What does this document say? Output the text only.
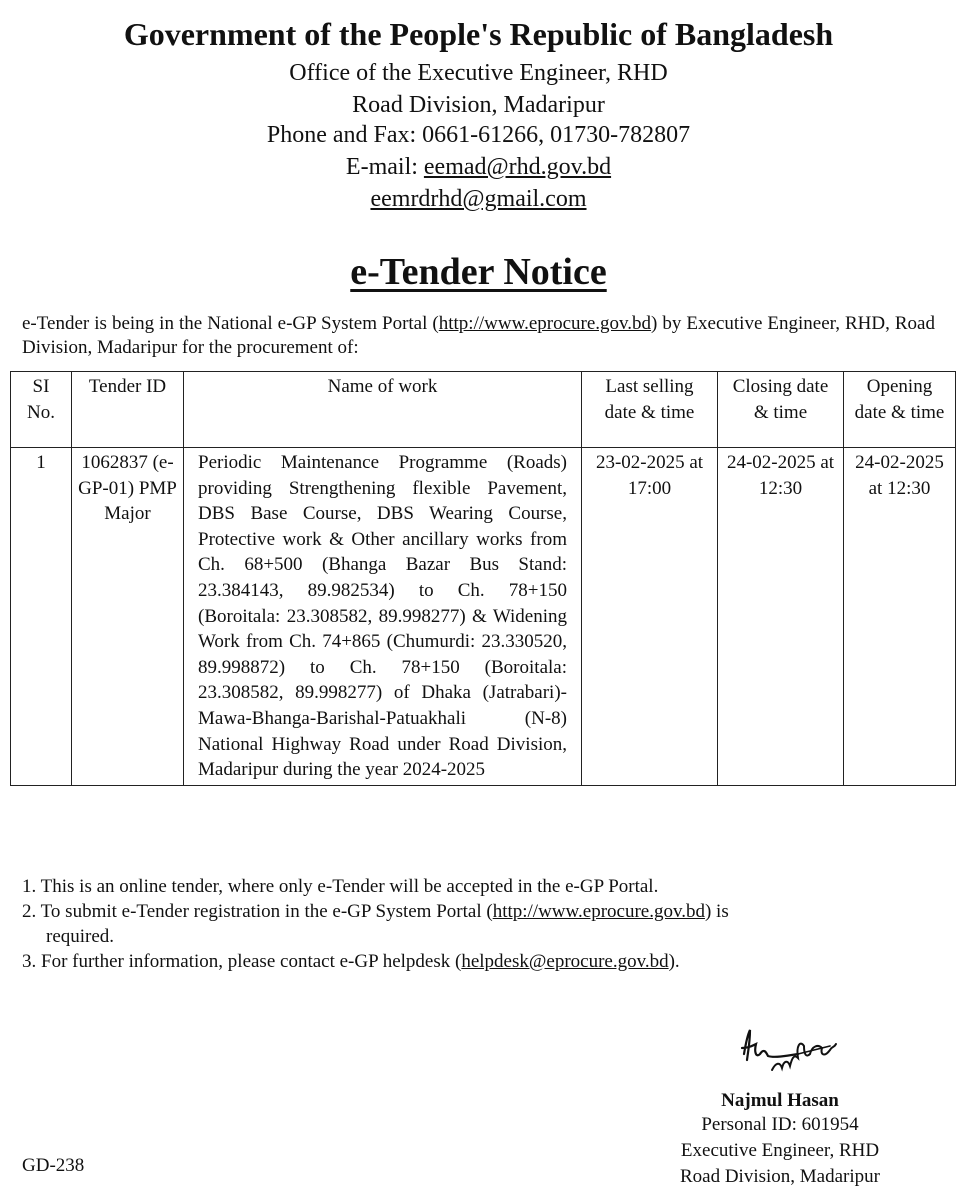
Government of the People's Republic of Bangladesh
Office of the Executive Engineer, RHD
Road Division, Madaripur
Phone and Fax: 0661-61266, 01730-782807
E-mail: eemad@rhd.gov.bd
eemrdrhd@gmail.com
e-Tender Notice
e-Tender is being in the National e-GP System Portal (http://www.eprocure.gov.bd) by Executive Engineer, RHD, Road Division, Madaripur for the procurement of:
SI No.	Tender ID	Name of work	Last selling date & time	Closing date & time	Opening date & time
1	1062837 (e-GP-01) PMP Major	Periodic Maintenance Programme (Roads) providing Strengthening flexible Pavement, DBS Base Course, DBS Wearing Course, Protective work & Other ancillary works from Ch. 68+500 (Bhanga Bazar Bus Stand: 23.384143, 89.982534) to Ch. 78+150 (Boroitala: 23.308582, 89.998277) & Widening Work from Ch. 74+865 (Chumurdi: 23.330520, 89.998872) to Ch. 78+150 (Boroitala: 23.308582, 89.998277) of Dhaka (Jatrabari)- Mawa-Bhanga-Barishal-Patuakhali (N-8) National Highway Road under Road Division, Madaripur during the year 2024-2025	23-02-2025 at 17:00	24-02-2025 at 12:30	24-02-2025 at 12:30
1. This is an online tender, where only e-Tender will be accepted in the e-GP Portal.
2. To submit e-Tender registration in the e-GP System Portal (http://www.eprocure.gov.bd) is
required.
3. For further information, please contact e-GP helpdesk (helpdesk@eprocure.gov.bd).
Najmul Hasan
Personal ID: 601954
Executive Engineer, RHD
Road Division, Madaripur
GD-238
